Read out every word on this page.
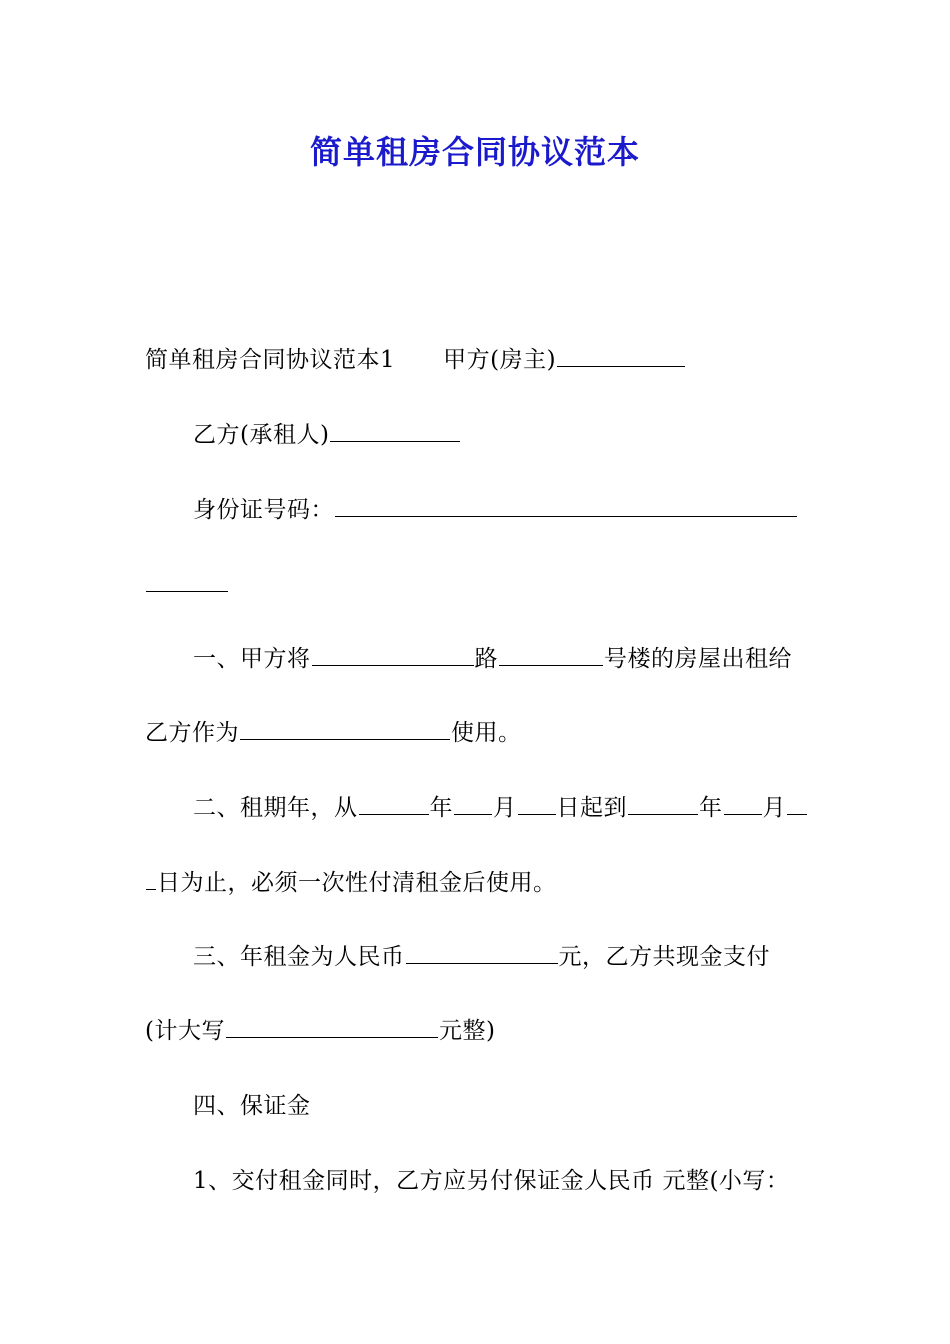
简单租房合同协议范本
简单租房合同协议范本1 甲方(房主)
乙方(承租人)
身份证号码：
一、甲方将	路	号楼的房屋出租给
乙方作为	使用。
二、租期年，从	年 月 日起到	年 月
日为止，必须一次性付清租金后使用。
三、年租金为人民币	元，乙方共现金支付
(计大写	元整)
四、保证金
1、交付租金同时，乙方应另付保证金人民币 元整(小写：
